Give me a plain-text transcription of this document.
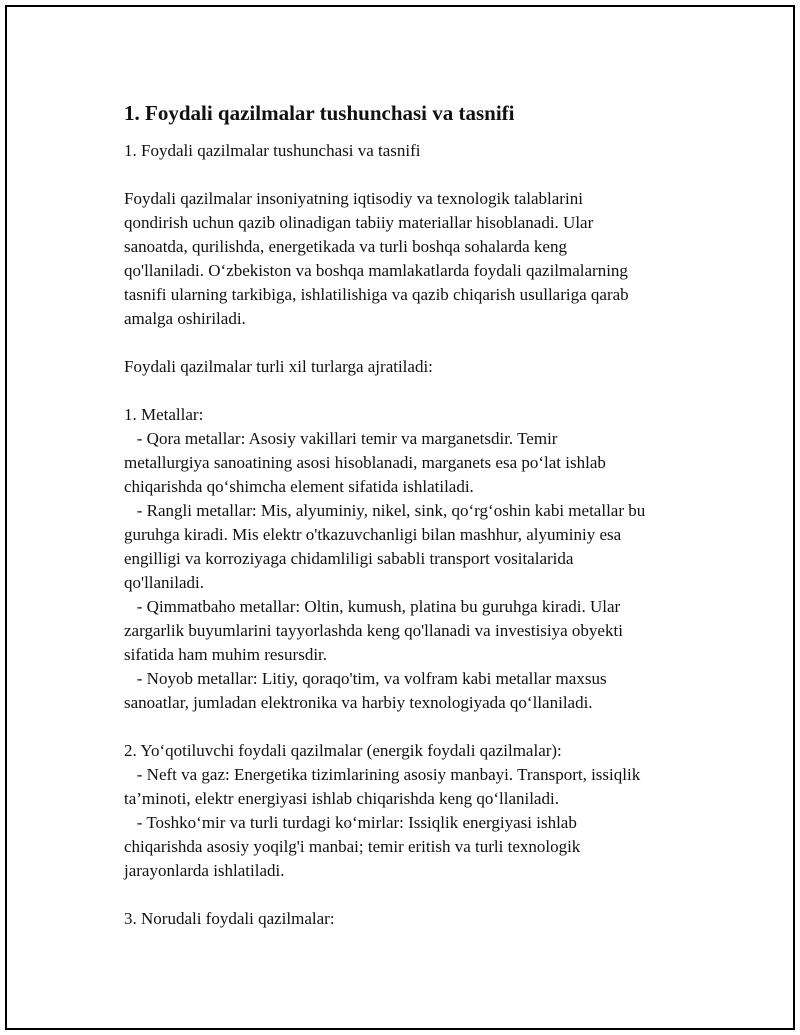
1. Foydali qazilmalar tushunchasi va tasnifi

1. Foydali qazilmalar tushunchasi va tasnifi

Foydali qazilmalar insoniyatning iqtisodiy va texnologik talablarini
qondirish uchun qazib olinadigan tabiiy materiallar hisoblanadi. Ular
sanoatda, qurilishda, energetikada va turli boshqa sohalarda keng
qo'llaniladi. O‘zbekiston va boshqa mamlakatlarda foydali qazilmalarning
tasnifi ularning tarkibiga, ishlatilishiga va qazib chiqarish usullariga qarab
amalga oshiriladi.

Foydali qazilmalar turli xil turlarga ajratiladi:

1. Metallar:
- Qora metallar: Asosiy vakillari temir va marganetsdir. Temir
metallurgiya sanoatining asosi hisoblanadi, marganets esa po‘lat ishlab
chiqarishda qo‘shimcha element sifatida ishlatiladi.
- Rangli metallar: Mis, alyuminiy, nikel, sink, qo‘rg‘oshin kabi metallar bu
guruhga kiradi. Mis elektr o'tkazuvchanligi bilan mashhur, alyuminiy esa
engilligi va korroziyaga chidamliligi sababli transport vositalarida
qo'llaniladi.
- Qimmatbaho metallar: Oltin, kumush, platina bu guruhga kiradi. Ular
zargarlik buyumlarini tayyorlashda keng qo'llanadi va investisiya obyekti
sifatida ham muhim resursdir.
- Noyob metallar: Litiy, qoraqo'tim, va volfram kabi metallar maxsus
sanoatlar, jumladan elektronika va harbiy texnologiyada qo‘llaniladi.

2. Yo‘qotiluvchi foydali qazilmalar (energik foydali qazilmalar):
- Neft va gaz: Energetika tizimlarining asosiy manbayi. Transport, issiqlik
ta’minoti, elektr energiyasi ishlab chiqarishda keng qo‘llaniladi.
- Toshko‘mir va turli turdagi ko‘mirlar: Issiqlik energiyasi ishlab
chiqarishda asosiy yoqilg'i manbai; temir eritish va turli texnologik
jarayonlarda ishlatiladi.

3. Norudali foydali qazilmalar:
